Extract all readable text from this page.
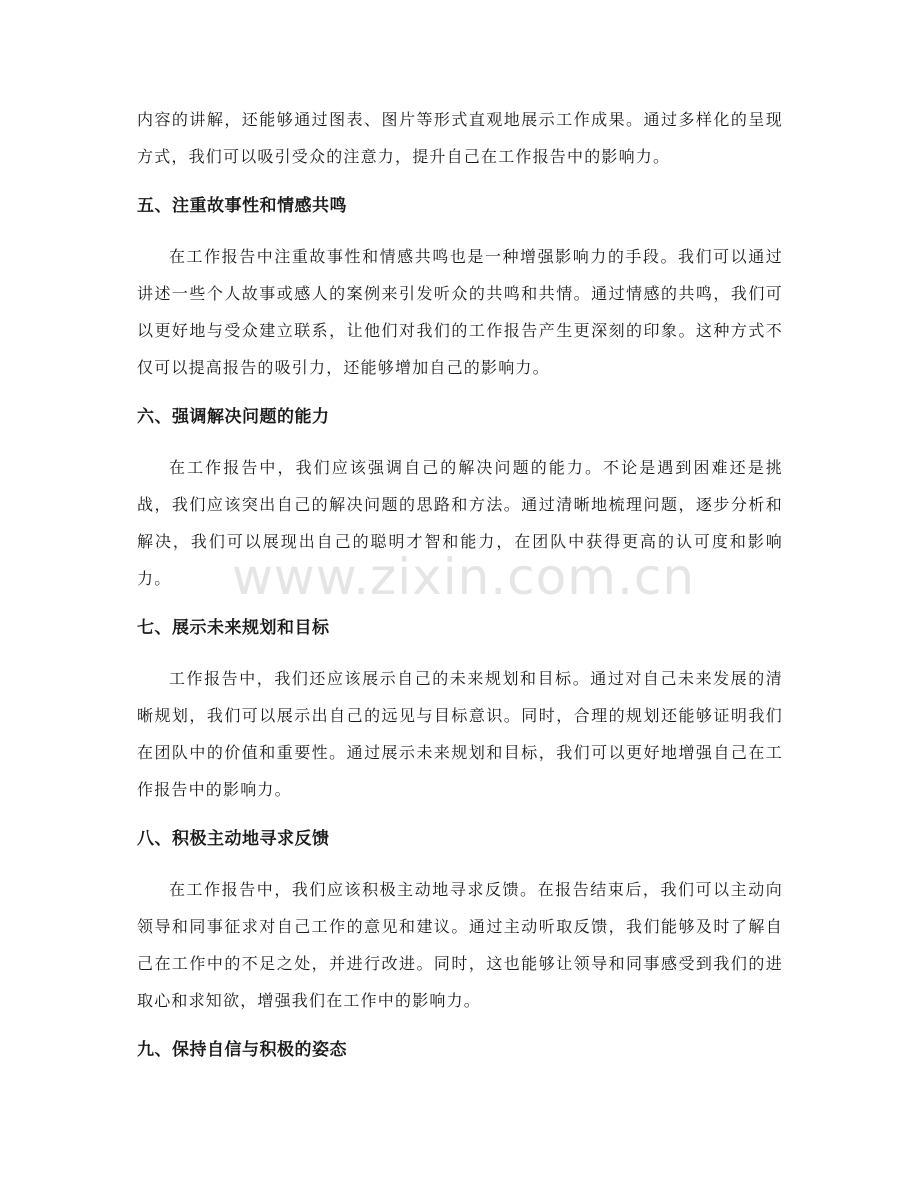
内容的讲解，还能够通过图表、图片等形式直观地展示工作成果。通过多样化的呈现方式，我们可以吸引受众的注意力，提升自己在工作报告中的影响力。

五、注重故事性和情感共鸣

在工作报告中注重故事性和情感共鸣也是一种增强影响力的手段。我们可以通过讲述一些个人故事或感人的案例来引发听众的共鸣和共情。通过情感的共鸣，我们可以更好地与受众建立联系，让他们对我们的工作报告产生更深刻的印象。这种方式不仅可以提高报告的吸引力，还能够增加自己的影响力。

六、强调解决问题的能力

在工作报告中，我们应该强调自己的解决问题的能力。不论是遇到困难还是挑战，我们应该突出自己的解决问题的思路和方法。通过清晰地梳理问题，逐步分析和解决，我们可以展现出自己的聪明才智和能力，在团队中获得更高的认可度和影响力。

七、展示未来规划和目标

工作报告中，我们还应该展示自己的未来规划和目标。通过对自己未来发展的清晰规划，我们可以展示出自己的远见与目标意识。同时，合理的规划还能够证明我们在团队中的价值和重要性。通过展示未来规划和目标，我们可以更好地增强自己在工作报告中的影响力。

八、积极主动地寻求反馈

在工作报告中，我们应该积极主动地寻求反馈。在报告结束后，我们可以主动向领导和同事征求对自己工作的意见和建议。通过主动听取反馈，我们能够及时了解自己在工作中的不足之处，并进行改进。同时，这也能够让领导和同事感受到我们的进取心和求知欲，增强我们在工作中的影响力。

九、保持自信与积极的姿态
www.zixin.com.cn
